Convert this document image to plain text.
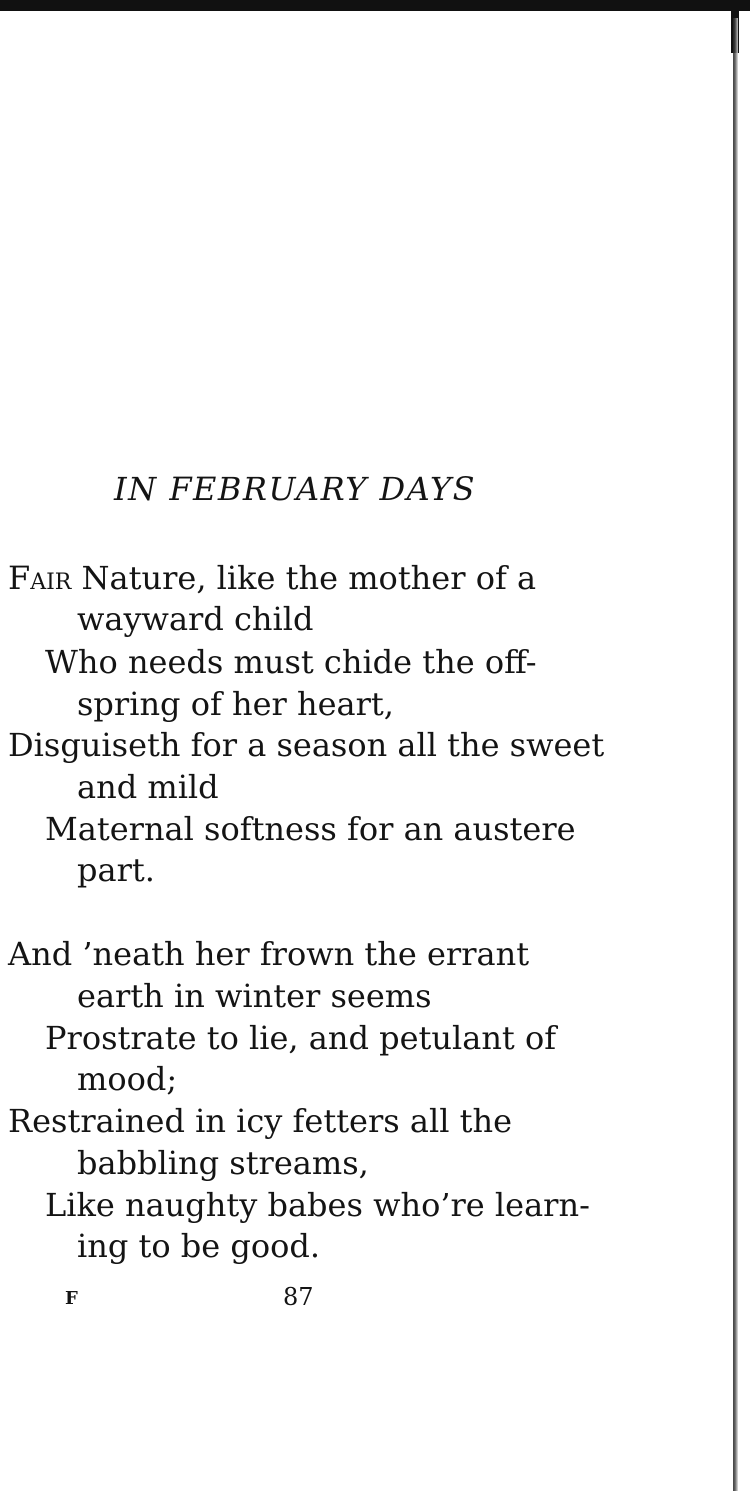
IN FEBRUARY DAYS

Fair Nature, like the mother of a

wayward child

Who needs must chide the off-

spring of her heart,

Disguiseth for a season all the sweet

and mild

Maternal softness for an austere

part.

And ’neath her frown the errant

earth in winter seems

Prostrate to lie, and petulant of

mood;

Restrained in icy fetters all the

babbling streams,

Like naughty babes who’re learn-

ing to be good.

F	87
